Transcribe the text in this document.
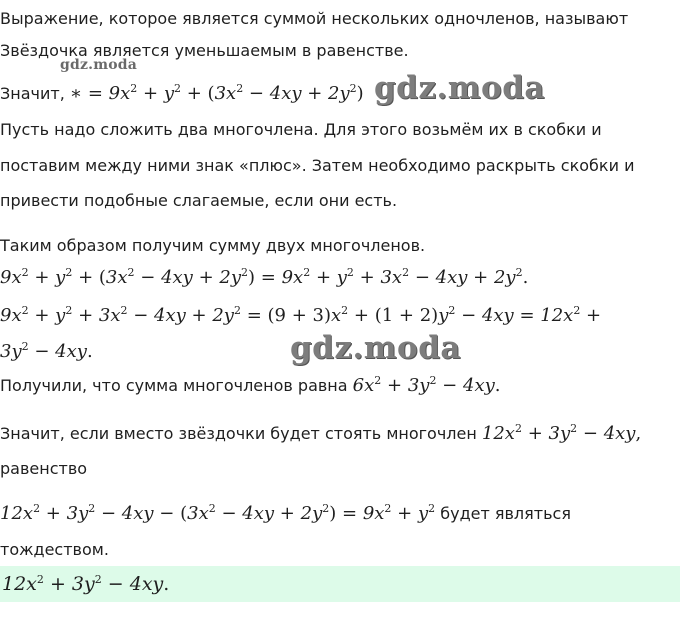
Выражение, которое является суммой нескольких одночленов, называют
Звёздочка является уменьшаемым в равенстве.
gdz.moda
Значит, ∗ = $9x^2 + y^2 + (3x^2 - 4xy + 2y^2)$ gdz.moda
Пусть надо сложить два многочлена. Для этого возьмём их в скобки и
поставим между ними знак «плюс». Затем необходимо раскрыть скобки и
привести подобные слагаемые, если они есть.
Таким образом получим сумму двух многочленов.
$9x^2 + y^2 + (3x^2 - 4xy + 2y^2) = 9x^2 + y^2 + 3x^2 - 4xy + 2y^2$.
$9x^2 + y^2 + 3x^2 - 4xy + 2y^2 = (9 + 3)x^2 + (1 + 2)y^2 - 4xy = 12x^2$ +
$3y^2 - 4xy$.	gdz.moda
Получили, что сумма многочленов равна $6x^2 + 3y^2 - 4xy$.
Значит, если вместо звёздочки будет стоять многочлен $12x^2 + 3y^2 - 4xy$,
равенство
$12x^2 + 3y^2 - 4xy - (3x^2 - 4xy + 2y^2) = 9x^2 + y^2$ будет являться
тождеством.
$12x^2 + 3y^2 - 4xy$.
